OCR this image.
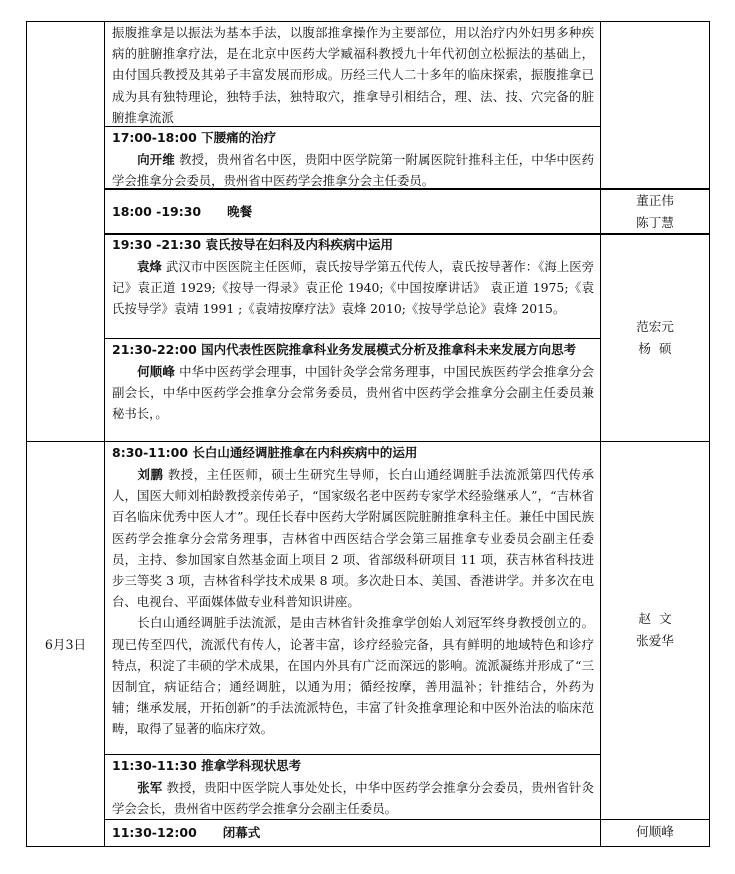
振腹推拿是以振法为基本手法，以腹部推拿操作为主要部位，用以治疗内外妇男多种疾病的脏腑推拿疗法，是在北京中医药大学臧福科教授九十年代初创立松振法的基础上，由付国兵教授及其弟子丰富发展而形成。历经三代人二十多年的临床探索，振腹推拿已成为具有独特理论，独特手法，独特取穴，推拿导引相结合，理、法、技、穴完备的脏腑推拿流派
17:00-18:00 下腰痛的治疗
向开维 教授，贵州省名中医，贵阳中医学院第一附属医院针推科主任，中华中医药学会推拿分会委员，贵州省中医药学会推拿分会主任委员。
18:00 -19:30 晚餐
19:30 -21:30 袁氏按导在妇科及内科疾病中运用
袁烽 武汉市中医医院主任医师，袁氏按导学第五代传人，袁氏按导著作：《海上医旁记》袁正道 1929;《按导一得录》袁正伦 1940;《中国按摩讲话》 袁正道 1975;《袁氏按导学》袁靖 1991 ;《袁靖按摩疗法》袁烽 2010;《按导学总论》袁烽 2015。
21:30-22:00 国内代表性医院推拿科业务发展模式分析及推拿科未来发展方向思考
何顺峰 中华中医药学会理事，中国针灸学会常务理事，中国民族医药学会推拿分会副会长，中华中医药学会推拿分会常务委员，贵州省中医药学会推拿分会副主任委员兼秘书长，。
8:30-11:00 长白山通经调脏推拿在内科疾病中的运用
刘鹏 教授，主任医师，硕士生研究生导师，长白山通经调脏手法流派第四代传承人，国医大师刘柏龄教授亲传弟子，“国家级名老中医药专家学术经验继承人”，“吉林省百名临床优秀中医人才”。现任长春中医药大学附属医院脏腑推拿科主任。兼任中国民族医药学会推拿分会常务理事，吉林省中西医结合学会第三届推拿专业委员会副主任委员，主持、参加国家自然基金面上项目 2 项、省部级科研项目 11 项，获吉林省科技进步三等奖 3 项，吉林省科学技术成果 8 项。多次赴日本、美国、香港讲学。并多次在电台、电视台、平面媒体做专业科普知识讲座。
长白山通经调脏手法流派，是由吉林省针灸推拿学创始人刘冠军终身教授创立的。现已传至四代，流派代有传人，论著丰富，诊疗经验完备，具有鲜明的地域特色和诊疗特点，积淀了丰硕的学术成果，在国内外具有广泛而深远的影响。流派凝练并形成了“三因制宜，病证结合；通经调脏，以通为用；循经按摩，善用温补；针推结合，外药为辅；继承发展，开拓创新”的手法流派特色，丰富了针灸推拿理论和中医外治法的临床范畴，取得了显著的临床疗效。
11:30-11:30 推拿学科现状思考
张军 教授，贵阳中医学院人事处处长，中华中医药学会推拿分会委员，贵州省针灸学会会长，贵州省中医药学会推拿分会副主任委员。
11:30-12:00 闭幕式
董正伟
陈丁慧
范宏元
杨  硕
赵  文
张爱华
何顺峰
6月3日
